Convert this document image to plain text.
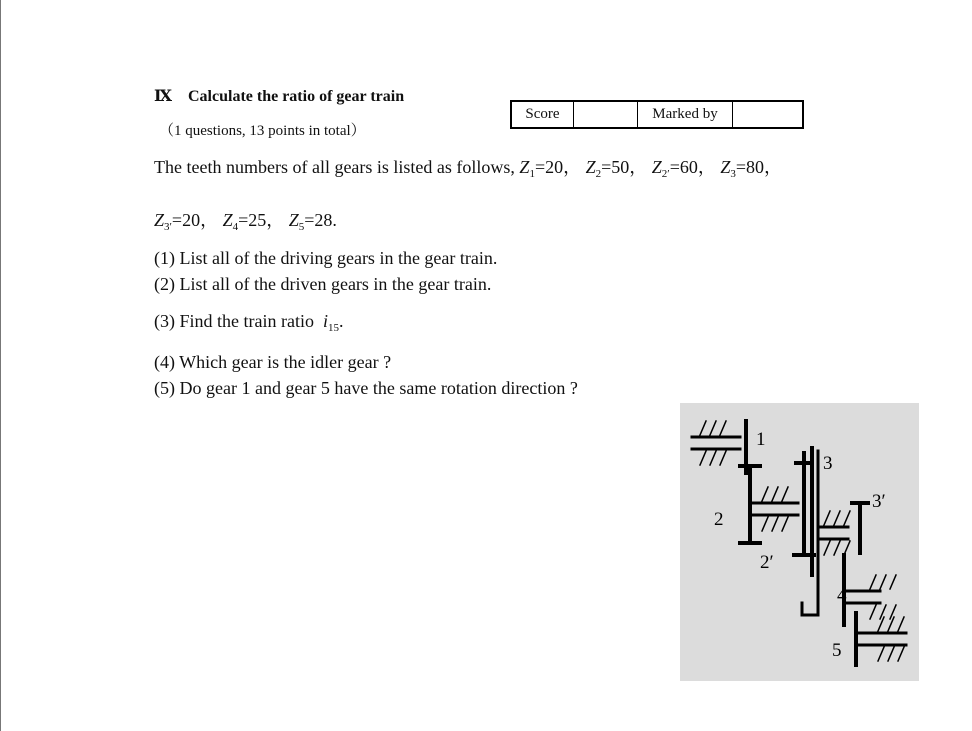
Ⅸ Calculate the ratio of gear train
（1 questions, 13 points in total）
Score	Marked by
The teeth numbers of all gears is listed as follows, $Z_1=20$， $Z_2=50$， $Z_{2'}=60$， $Z_3=80$，
$Z_{3'}=20$， $Z_4=25$， $Z_5=28$.
(1) List all of the driving gears in the gear train.
(2) List all of the driven gears in the gear train.
(3) Find the train ratio $i_{15}$.
(4) Which gear is the idler gear ?
(5) Do gear 1 and gear 5 have the same rotation direction ?
1
3
3′
2
2′
4
5
